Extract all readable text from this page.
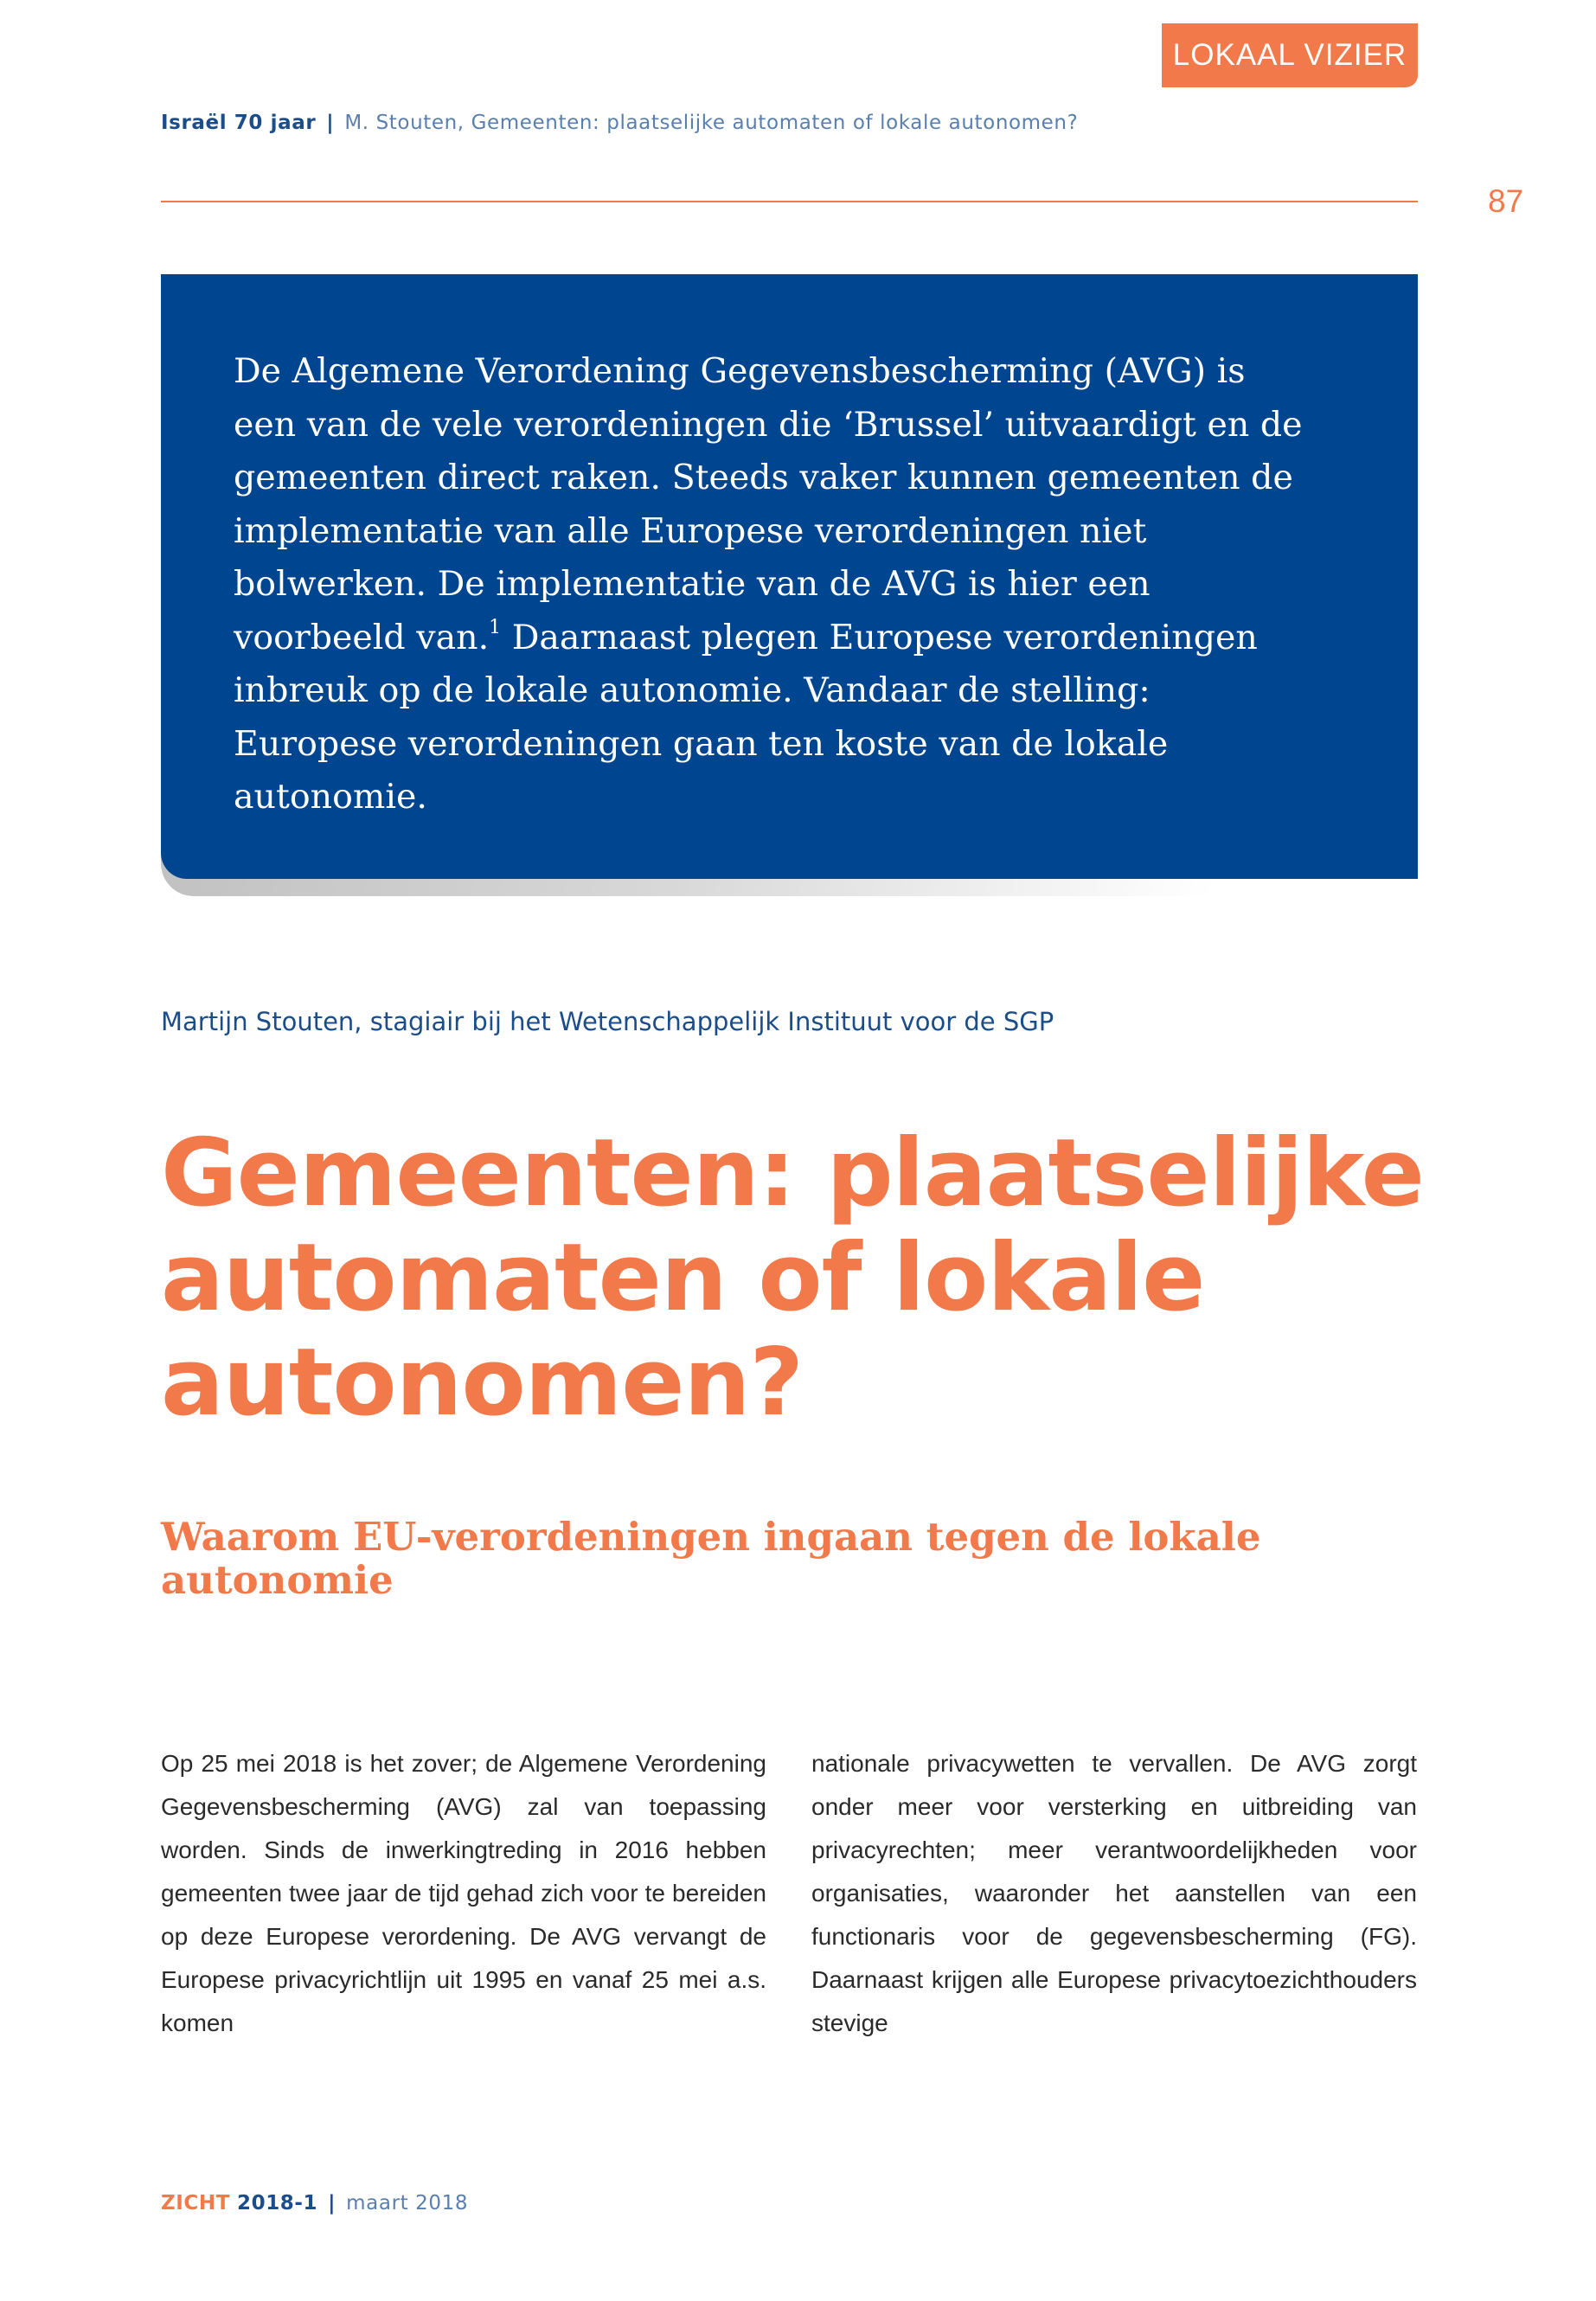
LOKAAL VIZIER
Israël 70 jaar | M. Stouten, Gemeenten: plaatselijke automaten of lokale autonomen?
87

De Algemene Verordening Gegevensbescherming (AVG) is een van de vele verordeningen die ‘Brussel’ uitvaardigt en de gemeenten direct raken. Steeds vaker kunnen gemeenten de implementatie van alle Europese verordeningen niet bolwerken. De implementatie van de AVG is hier een voorbeeld van.$^1$ Daarnaast plegen Europese verordeningen inbreuk op de lokale autonomie. Vandaar de stelling: Europese verordeningen gaan ten koste van de lokale autonomie.

Martijn Stouten, stagiair bij het Wetenschappelijk Instituut voor de SGP
Gemeenten: plaatselijke
automaten of lokale
autonomen?
Waarom EU-verordeningen ingaan tegen de lokale
autonomie

Op 25 mei 2018 is het zover; de Algemene Verordening Gegevensbescherming (AVG) zal van toepassing worden. Sinds de inwerkingtreding in 2016 hebben gemeenten twee jaar de tijd gehad zich voor te bereiden op deze Europese verordening. De AVG vervangt de Europese privacyrichtlijn uit 1995 en vanaf 25 mei a.s. komen

nationale privacywetten te vervallen. De AVG zorgt onder meer voor versterking en uitbreiding van privacyrechten; meer verantwoordelijkheden voor organisaties, waaronder het aanstellen van een functionaris voor de gegevensbescherming (FG). Daarnaast krijgen alle Europese privacytoezichthouders stevige

ZICHT 2018-1 | maart 2018
